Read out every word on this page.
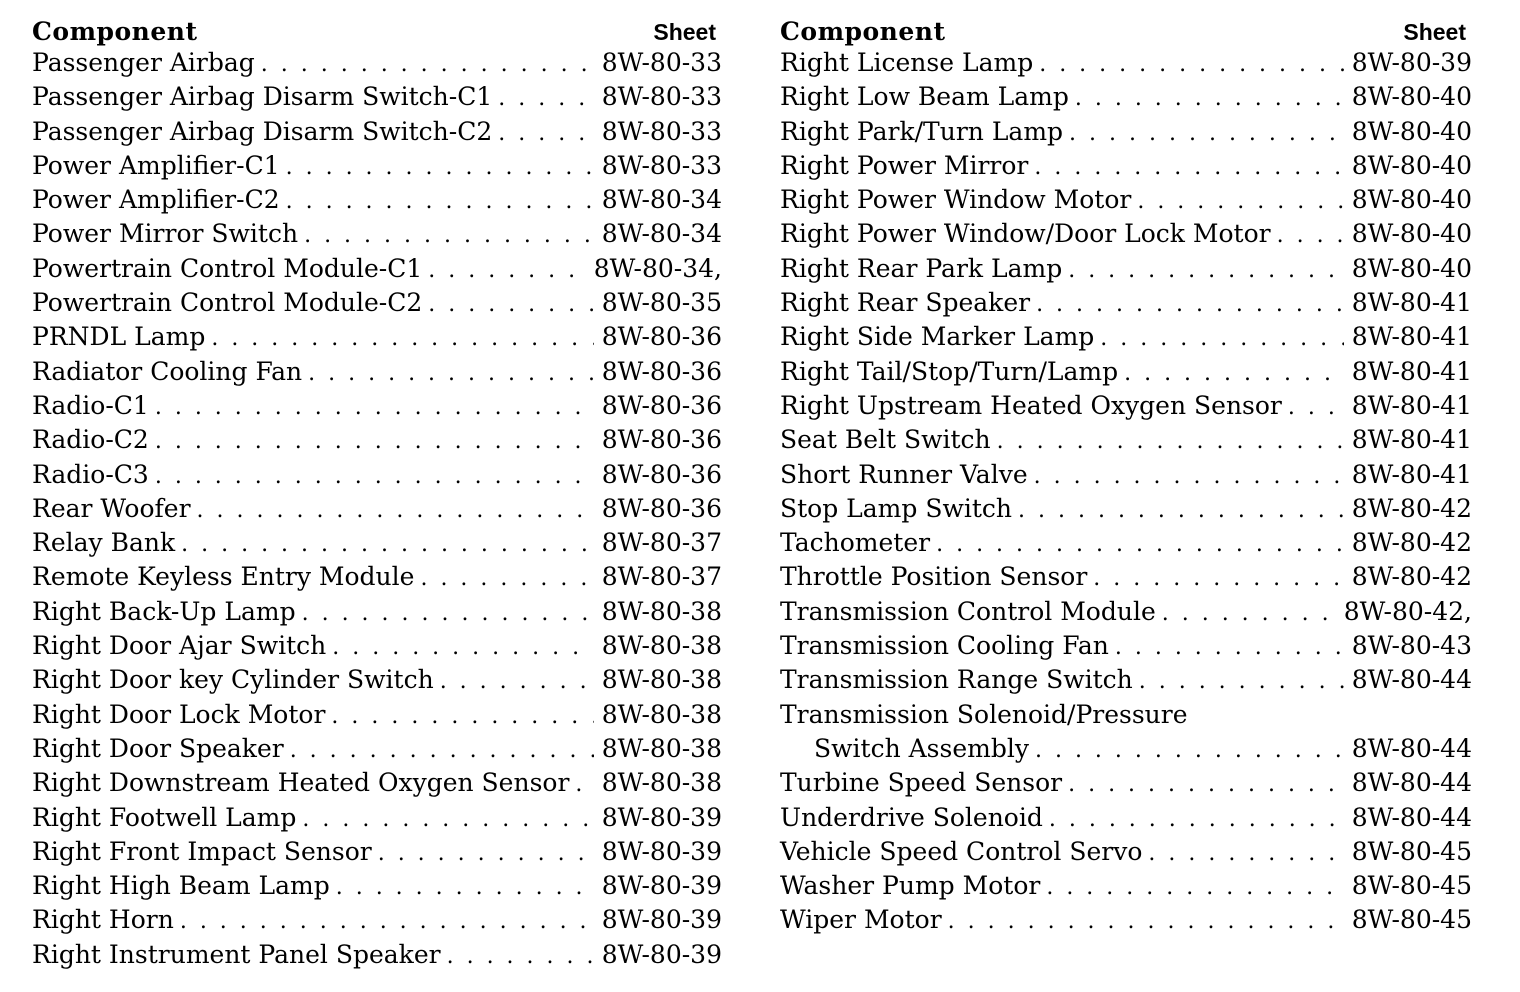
Component	Sheet
Passenger Airbag . . .	8W-80-33
Passenger Airbag Disarm Switch-C1 . . .	8W-80-33
Passenger Airbag Disarm Switch-C2 . . .	8W-80-33
Power Amplifier-C1 . . .	8W-80-33
Power Amplifier-C2 . . .	8W-80-34
Power Mirror Switch . . .	8W-80-34
Powertrain Control Module-C1 . . .	8W-80-34,
Powertrain Control Module-C2 . . .	8W-80-35
PRNDL Lamp . . .	8W-80-36
Radiator Cooling Fan . . .	8W-80-36
Radio-C1 . . .	8W-80-36
Radio-C2 . . .	8W-80-36
Radio-C3 . . .	8W-80-36
Rear Woofer . . .	8W-80-36
Relay Bank . . .	8W-80-37
Remote Keyless Entry Module . . .	8W-80-37
Right Back-Up Lamp . . .	8W-80-38
Right Door Ajar Switch . . .	8W-80-38
Right Door key Cylinder Switch . . .	8W-80-38
Right Door Lock Motor . . .	8W-80-38
Right Door Speaker . . .	8W-80-38
Right Downstream Heated Oxygen Sensor . . . 8W-80-38
Right Footwell Lamp . . .	8W-80-39
Right Front Impact Sensor . . .	8W-80-39
Right High Beam Lamp . . .	8W-80-39
Right Horn . . .	8W-80-39
Right Instrument Panel Speaker . . .	8W-80-39
Component	Sheet
Right License Lamp . . .	8W-80-39
Right Low Beam Lamp . . .	8W-80-40
Right Park/Turn Lamp . . .	8W-80-40
Right Power Mirror . . .	8W-80-40
Right Power Window Motor . . .	8W-80-40
Right Power Window/Door Lock Motor . . .	8W-80-40
Right Rear Park Lamp . . .	8W-80-40
Right Rear Speaker . . .	8W-80-41
Right Side Marker Lamp . . .	8W-80-41
Right Tail/Stop/Turn/Lamp . . .	8W-80-41
Right Upstream Heated Oxygen Sensor . . .	8W-80-41
Seat Belt Switch . . .	8W-80-41
Short Runner Valve . . .	8W-80-41
Stop Lamp Switch . . .	8W-80-42
Tachometer . . .	8W-80-42
Throttle Position Sensor . . .	8W-80-42
Transmission Control Module . . .	8W-80-42,
Transmission Cooling Fan . . .	8W-80-43
Transmission Range Switch . . .	8W-80-44
Transmission Solenoid/Pressure
Switch Assembly . . .	8W-80-44
Turbine Speed Sensor . . .	8W-80-44
Underdrive Solenoid . . .	8W-80-44
Vehicle Speed Control Servo . . .	8W-80-45
Washer Pump Motor . . .	8W-80-45
Wiper Motor . . .	8W-80-45
